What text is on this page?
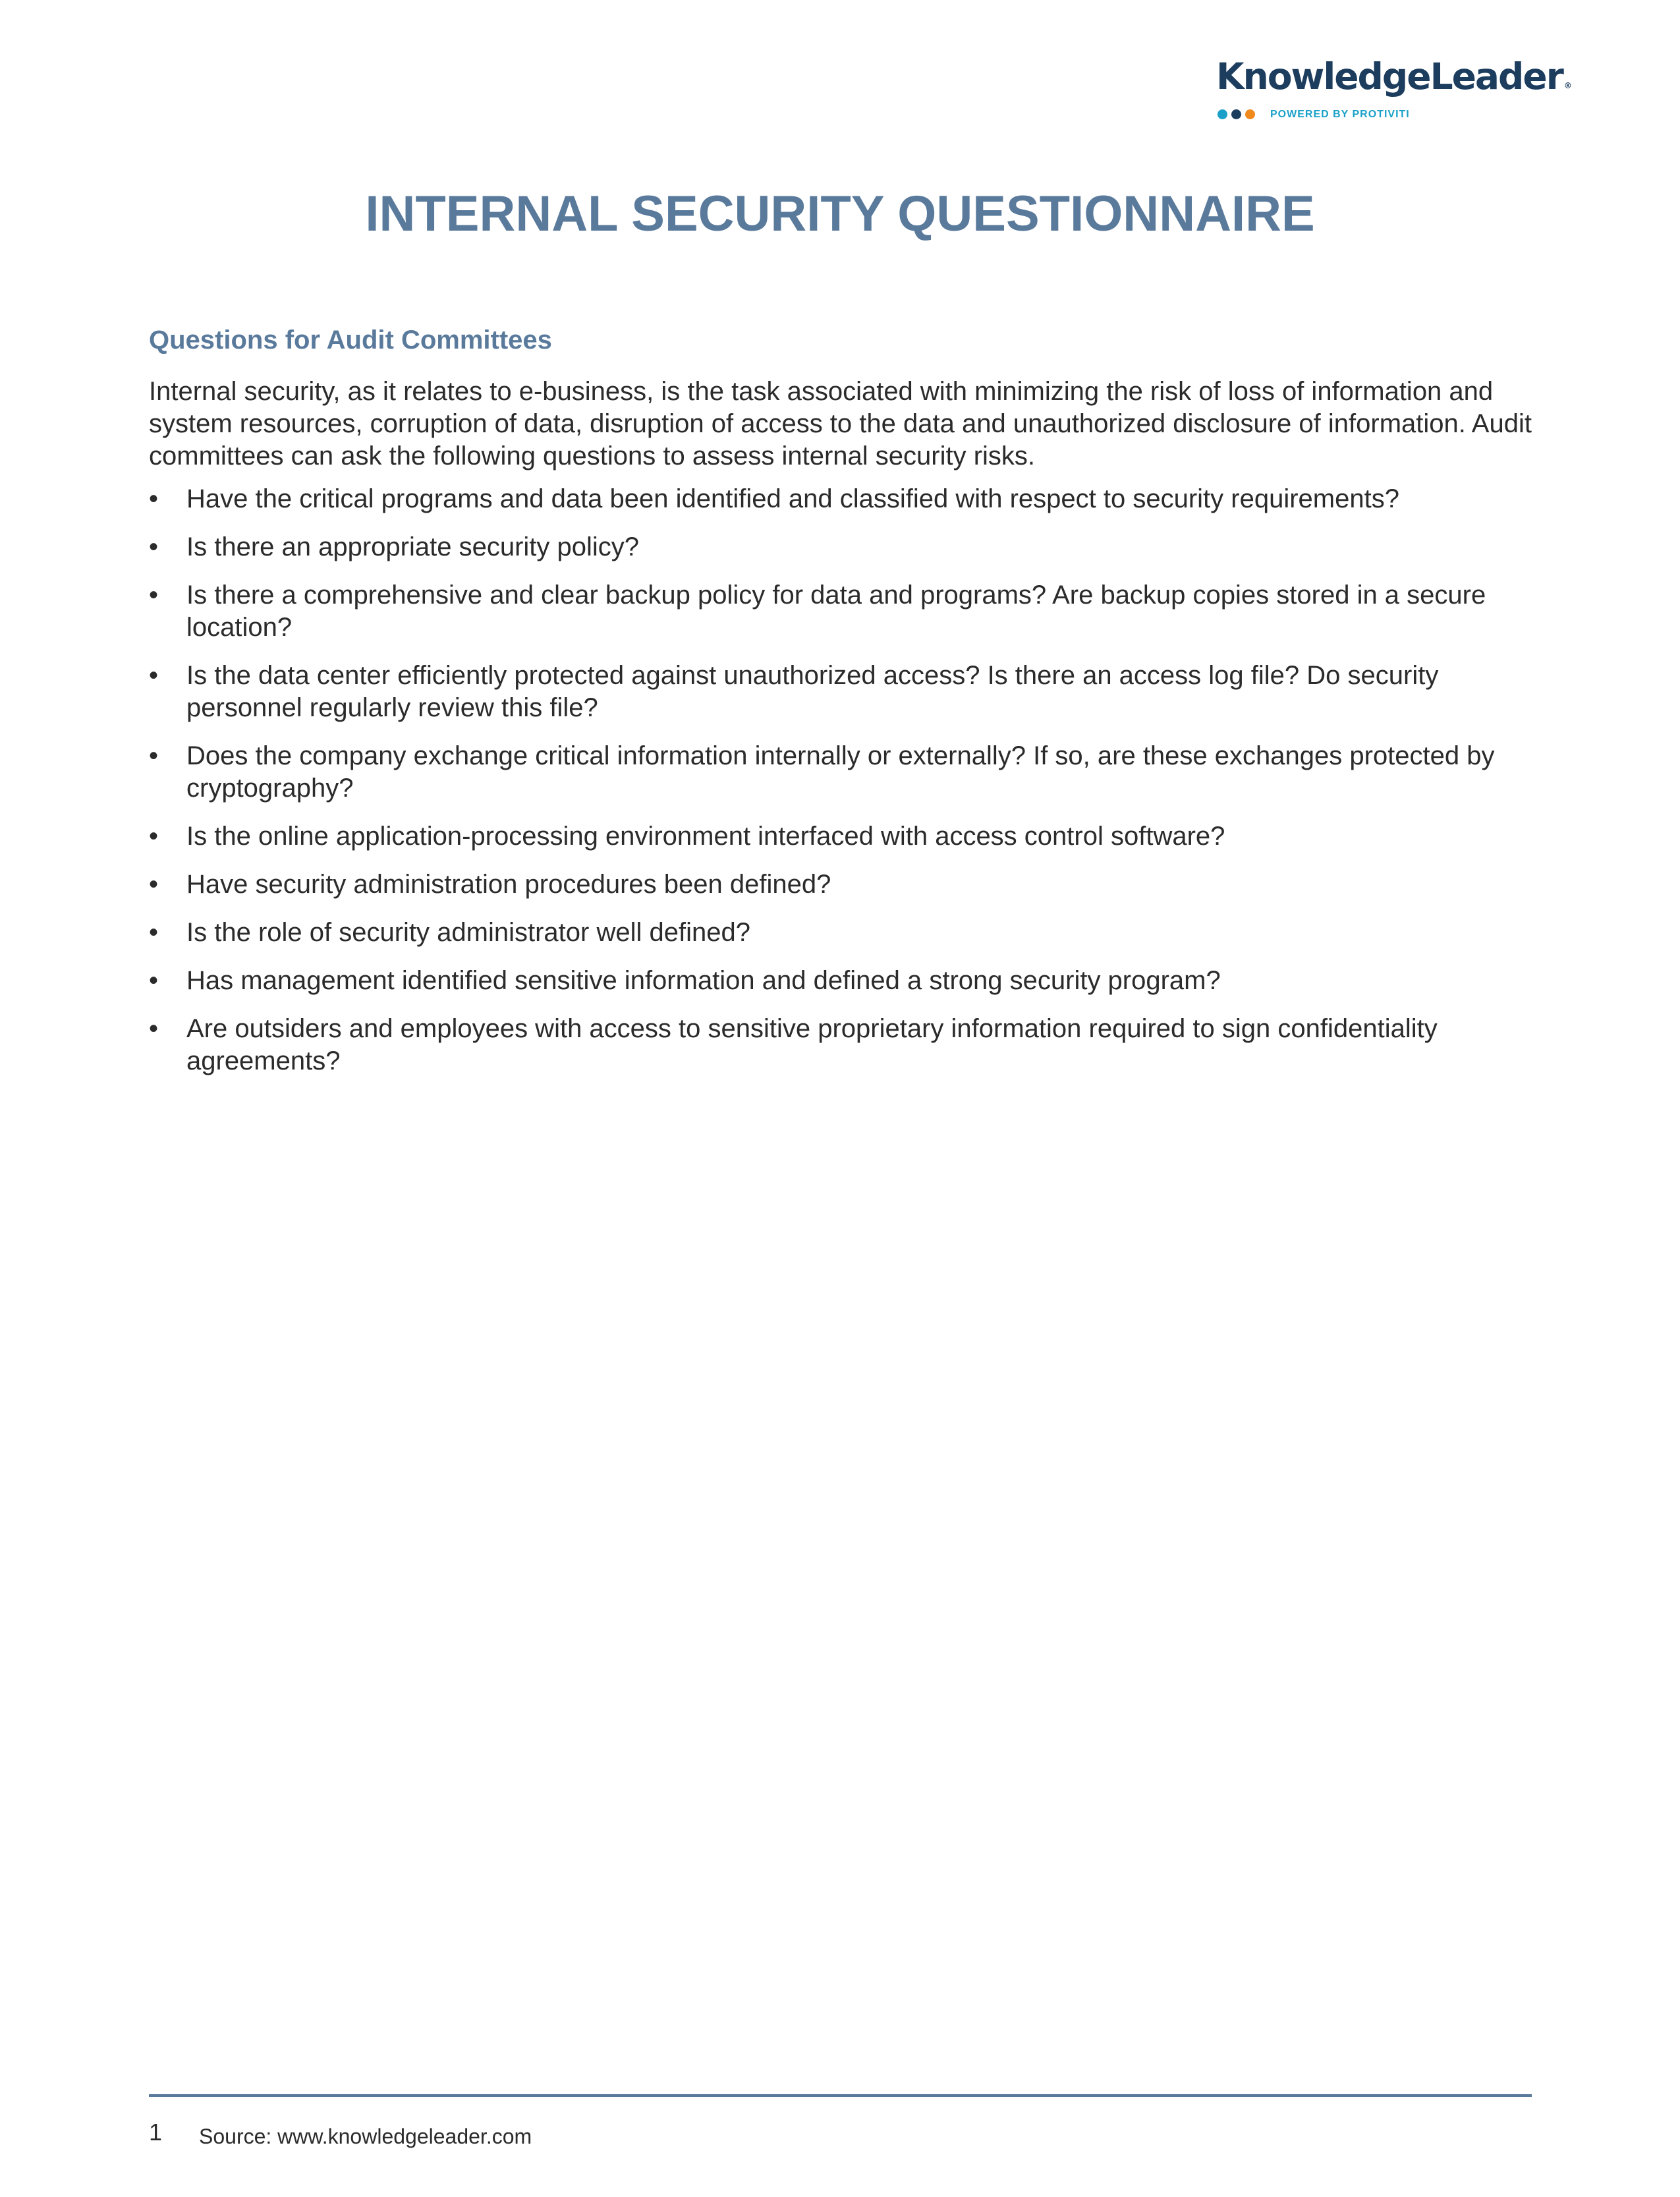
KnowledgeLeader ®
POWERED BY PROTIVITI
INTERNAL SECURITY QUESTIONNAIRE
Questions for Audit Committees

Internal security, as it relates to e-business, is the task associated with minimizing the risk of loss of information and system resources, corruption of data, disruption of access to the data and unauthorized disclosure of information. Audit committees can ask the following questions to assess internal security risks.

•	Have the critical programs and data been identified and classified with respect to security requirements?
•	Is there an appropriate security policy?
•	Is there a comprehensive and clear backup policy for data and programs? Are backup copies stored in a secure location?
•	Is the data center efficiently protected against unauthorized access? Is there an access log file? Do security personnel regularly review this file?
•	Does the company exchange critical information internally or externally? If so, are these exchanges protected by cryptography?
•	Is the online application-processing environment interfaced with access control software?
•	Have security administration procedures been defined?
•	Is the role of security administrator well defined?
•	Has management identified sensitive information and defined a strong security program?
•	Are outsiders and employees with access to sensitive proprietary information required to sign confidentiality agreements?
1 Source: www.knowledgeleader.com
